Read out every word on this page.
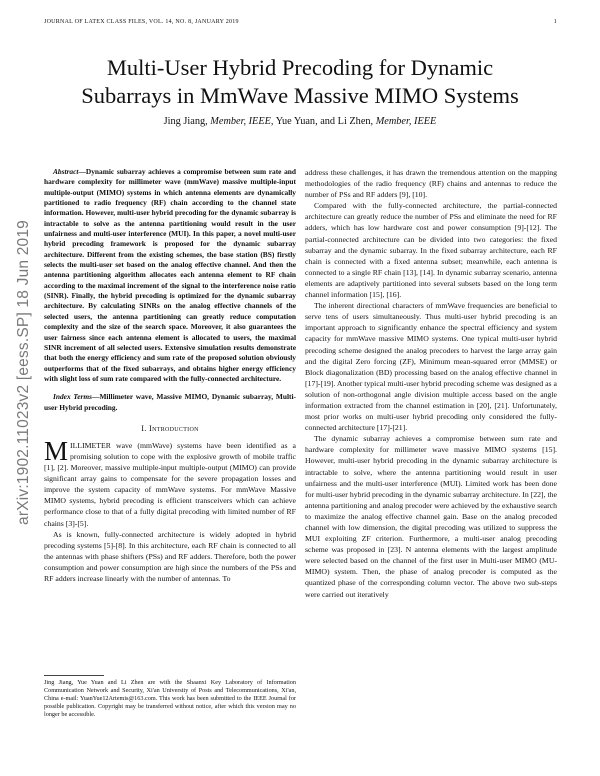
JOURNAL OF LATEX CLASS FILES, VOL. 14, NO. 8, JANUARY 2019	1
Multi-User Hybrid Precoding for Dynamic
Subarrays in MmWave Massive MIMO Systems
Jing Jiang, Member, IEEE, Yue Yuan, and Li Zhen, Member, IEEE
arXiv:1902.11023v2 [eess.SP] 18 Jun 2019

Abstract—Dynamic subarray achieves a compromise between sum rate and hardware complexity for millimeter wave (mmWave) massive multiple-input multiple-output (MIMO) systems in which antenna elements are dynamically partitioned to radio frequency (RF) chain according to the channel state information. However, multi-user hybrid precoding for the dynamic subarray is intractable to solve as the antenna partitioning would result in the user unfairness and multi-user interference (MUI). In this paper, a novel multi-user hybrid precoding framework is proposed for the dynamic subarray architecture. Different from the existing schemes, the base station (BS) firstly selects the multi-user set based on the analog effective channel. And then the antenna partitioning algorithm allocates each antenna element to RF chain according to the maximal increment of the signal to the interference noise ratio (SINR). Finally, the hybrid precoding is optimized for the dynamic subarray architecture. By calculating SINRs on the analog effective channels of the selected users, the antenna partitioning can greatly reduce computation complexity and the size of the search space. Moreover, it also guarantees the user fairness since each antenna element is allocated to users, the maximal SINR increment of all selected users. Extensive simulation results demonstrate that both the energy efficiency and sum rate of the proposed solution obviously outperforms that of the fixed subarrays, and obtains higher energy efficiency with slight loss of sum rate compared with the fully-connected architecture.

Index Terms—Millimeter wave, Massive MIMO, Dynamic subarray, Multi-user Hybrid precoding.

I. Introduction

MILLIMETER wave (mmWave) systems have been identified as a promising solution to cope with the explosive growth of mobile traffic [1], [2]. Moreover, massive multiple-input multiple-output (MIMO) can provide significant array gains to compensate for the severe propagation losses and improve the system capacity of mmWave systems. For mmWave Massive MIMO systems, hybrid precoding is efficient transceivers which can achieve performance close to that of a fully digital precoding with limited number of RF chains [3]-[5].

As is known, fully-connected architecture is widely adopted in hybrid precoding systems [5]-[8]. In this architecture, each RF chain is connected to all the antennas with phase shifters (PSs) and RF adders. Therefore, both the power consumption and power consumption are high since the numbers of the PSs and RF adders increase linearly with the number of antennas. To

Jing Jiang, Yue Yuan and Li Zhen are with the Shaanxi Key Laboratory of Information Communication Network and Security, Xi'an University of Posts and Telecommunications, Xi'an, China e-mail: YuanYue12Artemis@163.com. This work has been submitted to the IEEE Journal for possible publication. Copyright may be transferred without notice, after which this version may no longer be accessible.

address these challenges, it has drawn the tremendous attention on the mapping methodologies of the radio frequency (RF) chains and antennas to reduce the number of PSs and RF adders [9], [10].

Compared with the fully-connected architecture, the partial-connected architecture can greatly reduce the number of PSs and eliminate the need for RF adders, which has low hardware cost and power consumption [9]-[12]. The partial-connected architecture can be divided into two categories: the fixed subarray and the dynamic subarray. In the fixed subarray architecture, each RF chain is connected with a fixed antenna subset; meanwhile, each antenna is connected to a single RF chain [13], [14]. In dynamic subarray scenario, antenna elements are adaptively partitioned into several subsets based on the long term channel information [15], [16].

The inherent directional characters of mmWave frequencies are beneficial to serve tens of users simultaneously. Thus multi-user hybrid precoding is an important approach to significantly enhance the spectral efficiency and system capacity for mmWave massive MIMO systems. One typical multi-user hybrid precoding scheme designed the analog precoders to harvest the large array gain and the digital Zero forcing (ZF), Minimum mean-squared error (MMSE) or Block diagonalization (BD) processing based on the analog effective channel in [17]-[19]. Another typical multi-user hybrid precoding scheme was designed as a solution of non-orthogonal angle division multiple access based on the angle information extracted from the channel estimation in [20], [21]. Unfortunately, most prior works on multi-user hybrid precoding only considered the fully-connected architecture [17]-[21].

The dynamic subarray achieves a compromise between sum rate and hardware complexity for millimeter wave massive MIMO systems [15]. However, multi-user hybrid precoding in the dynamic subarray architecture is intractable to solve, where the antenna partitioning would result in user unfairness and the multi-user interference (MUI). Limited work has been done for multi-user hybrid precoding in the dynamic subarray architecture. In [22], the antenna partitioning and analog precoder were achieved by the exhaustive search to maximize the analog effective channel gain. Base on the analog precoded channel with low dimension, the digital precoding was utilized to suppress the MUI exploiting ZF criterion. Furthermore, a multi-user analog precoding scheme was proposed in [23]. N antenna elements with the largest amplitude were selected based on the channel of the first user in Multi-user MIMO (MU-MIMO) system. Then, the phase of analog precoder is computed as the quantized phase of the corresponding column vector. The above two sub-steps were carried out iteratively
